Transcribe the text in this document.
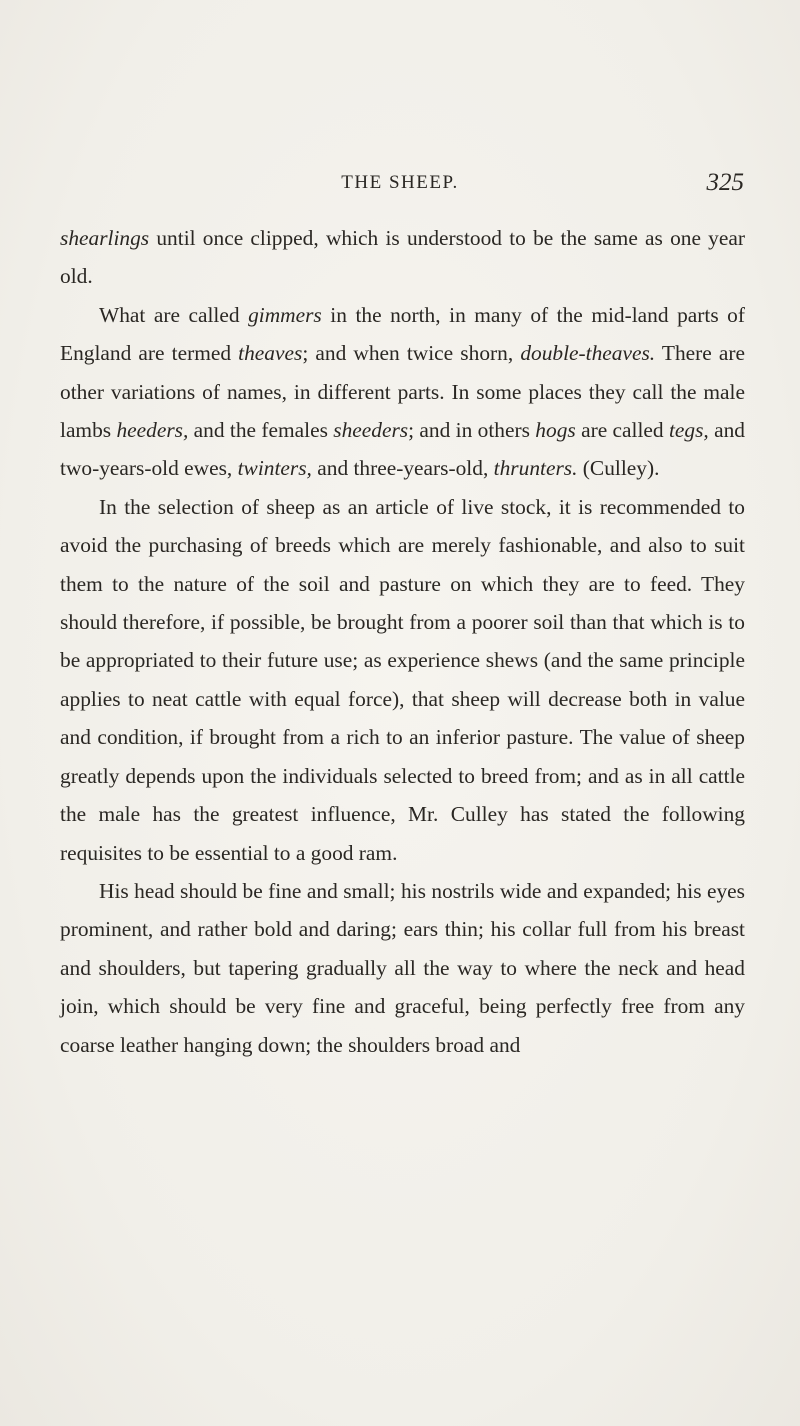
THE SHEEP.	325

shearlings until once clipped, which is understood to be the same as one year old.

What are called gimmers in the north, in many of the mid-land parts of England are termed theaves; and when twice shorn, double-theaves. There are other variations of names, in different parts. In some places they call the male lambs heeders, and the females sheeders; and in others hogs are called tegs, and two-years-old ewes, twinters, and three-years-old, thrunters. (Culley).

In the selection of sheep as an article of live stock, it is recommended to avoid the purchasing of breeds which are merely fashionable, and also to suit them to the nature of the soil and pasture on which they are to feed. They should therefore, if possible, be brought from a poorer soil than that which is to be appropriated to their future use; as experience shews (and the same principle applies to neat cattle with equal force), that sheep will decrease both in value and condition, if brought from a rich to an inferior pasture. The value of sheep greatly depends upon the individuals selected to breed from; and as in all cattle the male has the greatest influence, Mr. Culley has stated the following requisites to be essential to a good ram.

His head should be fine and small; his nostrils wide and expanded; his eyes prominent, and rather bold and daring; ears thin; his collar full from his breast and shoulders, but tapering gradually all the way to where the neck and head join, which should be very fine and graceful, being perfectly free from any coarse leather hanging down; the shoulders broad and
